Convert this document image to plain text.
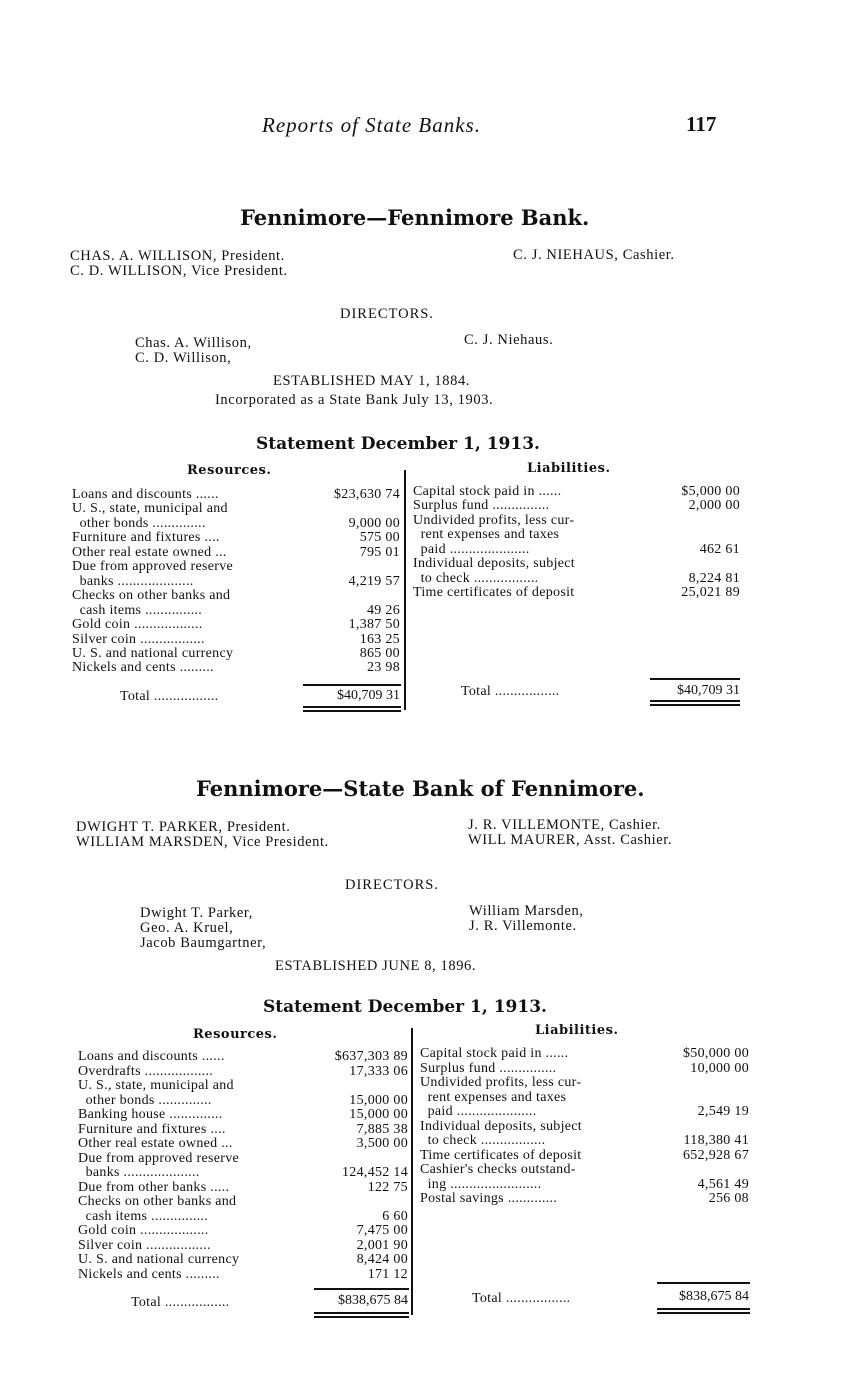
Reports of State Banks.	117
Fennimore—Fennimore Bank.
CHAS. A. WILLISON, President.
C. D. WILLISON, Vice President.
C. J. NIEHAUS, Cashier.
DIRECTORS.
Chas. A. Willison,
C. D. Willison,
C. J. Niehaus.
ESTABLISHED MAY 1, 1884.
Incorporated as a State Bank July 13, 1903.
Statement December 1, 1913.
Resources.	Liabilities.
Loans and discounts ......	$23,630 74
U. S., state, municipal and
other bonds ..............	9,000 00
Furniture and fixtures ....	575 00
Other real estate owned ...	795 01
Due from approved reserve
banks ....................	4,219 57
Checks on other banks and
cash items ...............	49 26
Gold coin ..................	1,387 50
Silver coin .................	163 25
U. S. and national currency	865 00
Nickels and cents .........	23 98
Capital stock paid in ......	$5,000 00
Surplus fund ...............	2,000 00
Undivided profits, less cur-
rent expenses and taxes
paid .....................	462 61
Individual deposits, subject
to check .................	8,224 81
Time certificates of deposit	25,021 89
Total .................	$40,709 31	Total .................	$40,709 31
Fennimore—State Bank of Fennimore.
DWIGHT T. PARKER, President.
WILLIAM MARSDEN, Vice President.
J. R. VILLEMONTE, Cashier.
WILL MAURER, Asst. Cashier.
DIRECTORS.
Dwight T. Parker,
Geo. A. Kruel,
Jacob Baumgartner,
William Marsden,
J. R. Villemonte.
ESTABLISHED JUNE 8, 1896.
Statement December 1, 1913.
Resources.	Liabilities.
Loans and discounts ......	$637,303 89
Overdrafts ..................	17,333 06
U. S., state, municipal and
other bonds ..............	15,000 00
Banking house ..............	15,000 00
Furniture and fixtures ....	7,885 38
Other real estate owned ...	3,500 00
Due from approved reserve
banks ....................	124,452 14
Due from other banks .....	122 75
Checks on other banks and
cash items ...............	6 60
Gold coin ..................	7,475 00
Silver coin .................	2,001 90
U. S. and national currency	8,424 00
Nickels and cents .........	171 12
Capital stock paid in ......	$50,000 00
Surplus fund ...............	10,000 00
Undivided profits, less cur-
rent expenses and taxes
paid .....................	2,549 19
Individual deposits, subject
to check .................	118,380 41
Time certificates of deposit	652,928 67
Cashier's checks outstand-
ing ........................	4,561 49
Postal savings .............	256 08
Total .................	$838,675 84	Total .................	$838,675 84
